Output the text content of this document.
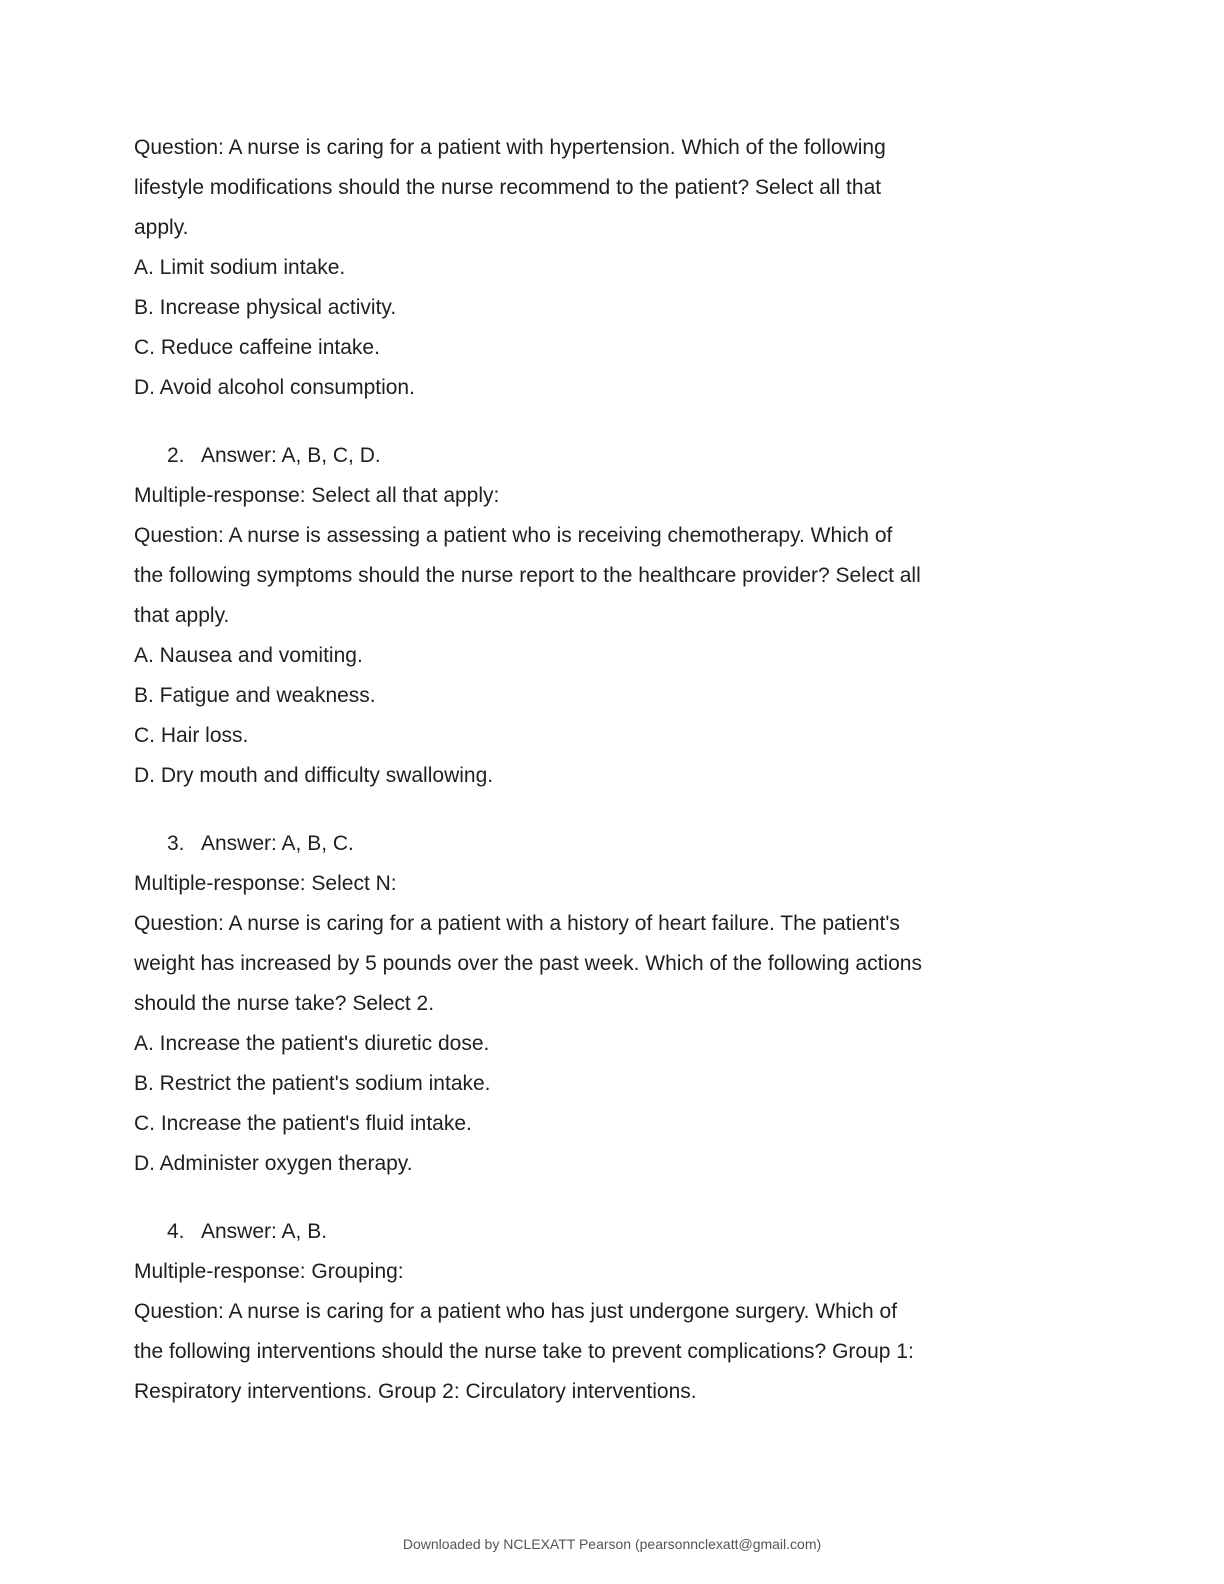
Question: A nurse is caring for a patient with hypertension. Which of the following
lifestyle modifications should the nurse recommend to the patient? Select all that
apply.
A. Limit sodium intake.
B. Increase physical activity.
C. Reduce caffeine intake.
D. Avoid alcohol consumption.
2. Answer: A, B, C, D.
Multiple-response: Select all that apply:
Question: A nurse is assessing a patient who is receiving chemotherapy. Which of
the following symptoms should the nurse report to the healthcare provider? Select all
that apply.
A. Nausea and vomiting.
B. Fatigue and weakness.
C. Hair loss.
D. Dry mouth and difficulty swallowing.
3. Answer: A, B, C.
Multiple-response: Select N:
Question: A nurse is caring for a patient with a history of heart failure. The patient's
weight has increased by 5 pounds over the past week. Which of the following actions
should the nurse take? Select 2.
A. Increase the patient's diuretic dose.
B. Restrict the patient's sodium intake.
C. Increase the patient's fluid intake.
D. Administer oxygen therapy.
4. Answer: A, B.
Multiple-response: Grouping:
Question: A nurse is caring for a patient who has just undergone surgery. Which of
the following interventions should the nurse take to prevent complications? Group 1:
Respiratory interventions. Group 2: Circulatory interventions.
Downloaded by NCLEXATT Pearson (pearsonnclexatt@gmail.com)
